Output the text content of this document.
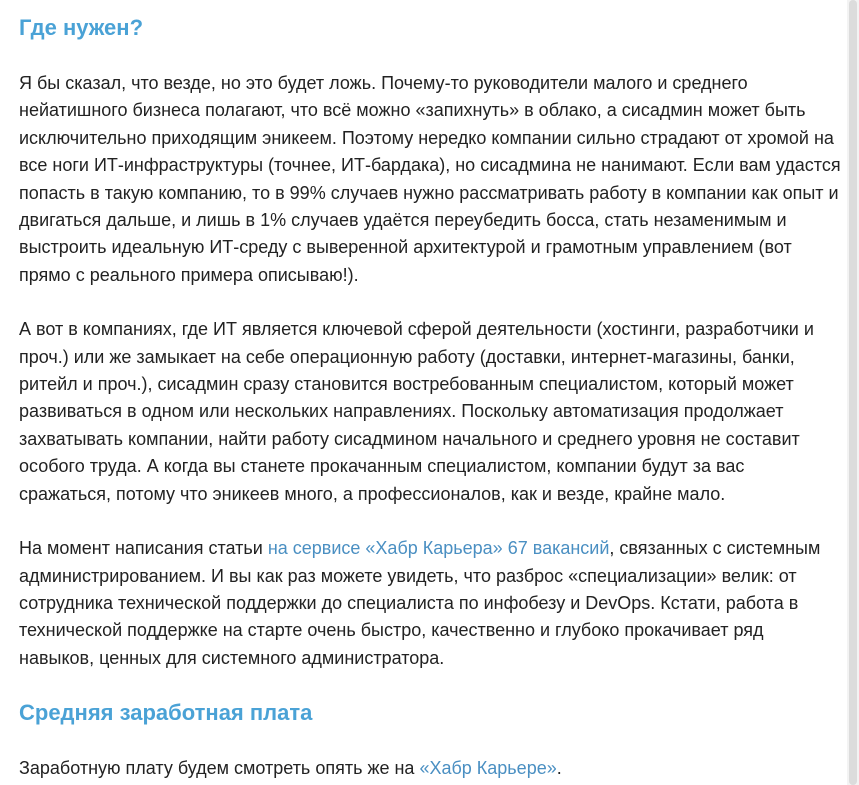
Где нужен?

Я бы сказал, что везде, но это будет ложь. Почему-то руководители малого и среднего нейатишного бизнеса полагают, что всё можно «запихнуть» в облако, а сисадмин может быть исключительно приходящим эникеем. Поэтому нередко компании сильно страдают от хромой на все ноги ИТ-инфраструктуры (точнее, ИТ-бардака), но сисадмина не нанимают. Если вам удастся попасть в такую компанию, то в 99% случаев нужно рассматривать работу в компании как опыт и двигаться дальше, и лишь в 1% случаев удаётся переубедить босса, стать незаменимым и выстроить идеальную ИТ-среду с выверенной архитектурой и грамотным управлением (вот прямо с реального примера описываю!).

А вот в компаниях, где ИТ является ключевой сферой деятельности (хостинги, разработчики и проч.) или же замыкает на себе операционную работу (доставки, интернет-магазины, банки, ритейл и проч.), сисадмин сразу становится востребованным специалистом, который может развиваться в одном или нескольких направлениях. Поскольку автоматизация продолжает захватывать компании, найти работу сисадмином начального и среднего уровня не составит особого труда. А когда вы станете прокачанным специалистом, компании будут за вас сражаться, потому что эникеев много, а профессионалов, как и везде, крайне мало.

На момент написания статьи на сервисе «Хабр Карьера» 67 вакансий, связанных с системным администрированием. И вы как раз можете увидеть, что разброс «специализации» велик: от сотрудника технической поддержки до специалиста по инфобезу и DevOps. Кстати, работа в технической поддержке на старте очень быстро, качественно и глубоко прокачивает ряд навыков, ценных для системного администратора.

Средняя заработная плата

Заработную плату будем смотреть опять же на «Хабр Карьере».
